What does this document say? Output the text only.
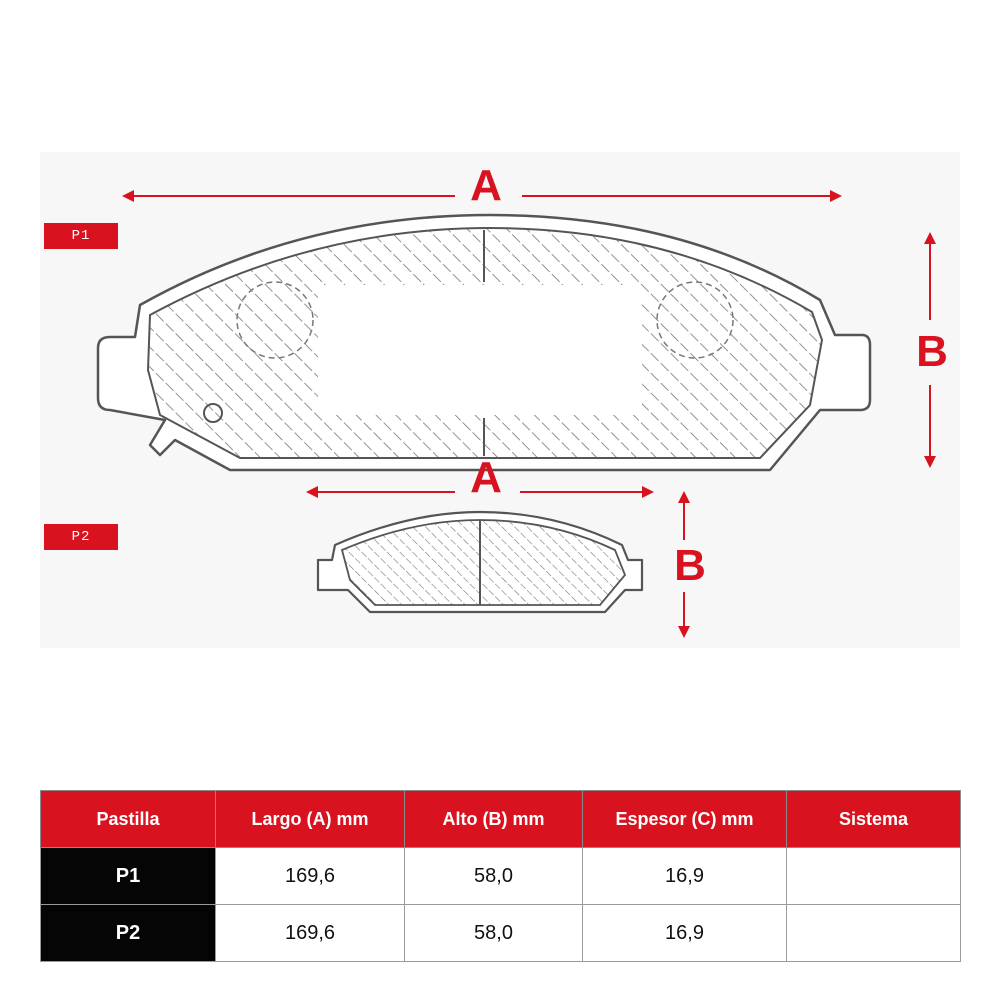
P1
P2
A
B
A
B
Pastilla	Largo (A) mm	Alto (B) mm	Espesor (C) mm	Sistema
P1	169,6	58,0	16,9	
P2	169,6	58,0	16,9	
